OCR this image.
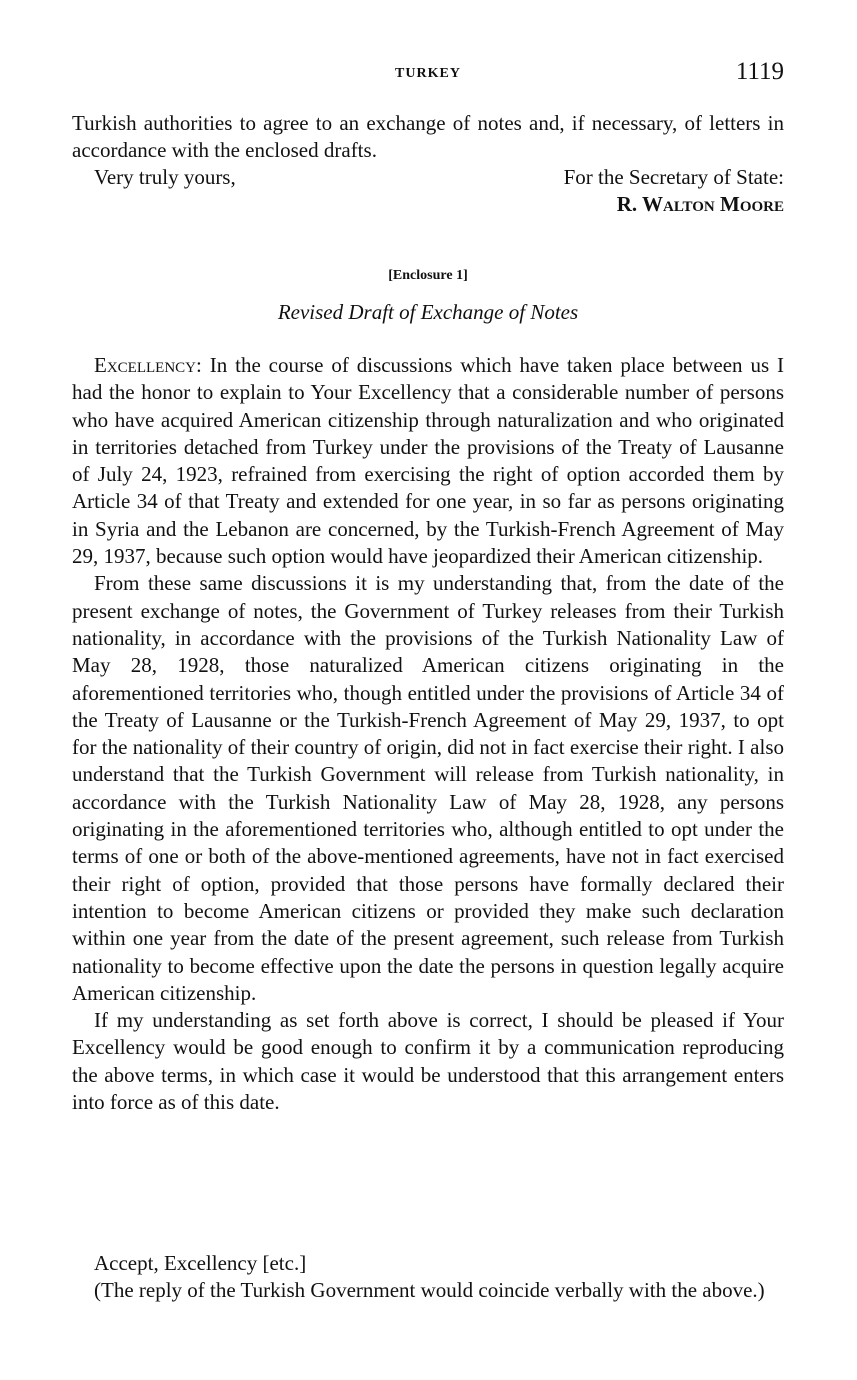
TURKEY	1119

Turkish authorities to agree to an exchange of notes and, if necessary, of letters in accordance with the enclosed drafts.

Very truly yours,	For the Secretary of State:
R. Walton Moore
[Enclosure 1]
Revised Draft of Exchange of Notes

Excellency: In the course of discussions which have taken place between us I had the honor to explain to Your Excellency that a considerable number of persons who have acquired American citizenship through naturalization and who originated in territories detached from Turkey under the provisions of the Treaty of Lausanne of July 24, 1923, refrained from exercising the right of option accorded them by Article 34 of that Treaty and extended for one year, in so far as persons originating in Syria and the Lebanon are concerned, by the Turkish-French Agreement of May 29, 1937, because such option would have jeopardized their American citizenship.

From these same discussions it is my understanding that, from the date of the present exchange of notes, the Government of Turkey releases from their Turkish nationality, in accordance with the provisions of the Turkish Nationality Law of May 28, 1928, those naturalized American citizens originating in the aforementioned territories who, though entitled under the provisions of Article 34 of the Treaty of Lausanne or the Turkish-French Agreement of May 29, 1937, to opt for the nationality of their country of origin, did not in fact exercise their right. I also understand that the Turkish Government will release from Turkish nationality, in accordance with the Turkish Nationality Law of May 28, 1928, any persons originating in the aforementioned territories who, although entitled to opt under the terms of one or both of the above-mentioned agreements, have not in fact exercised their right of option, provided that those persons have formally declared their intention to become American citizens or provided they make such declaration within one year from the date of the present agreement, such release from Turkish nationality to become effective upon the date the persons in question legally acquire American citizenship.

If my understanding as set forth above is correct, I should be pleased if Your Excellency would be good enough to confirm it by a communication reproducing the above terms, in which case it would be understood that this arrangement enters into force as of this date.

Accept, Excellency [etc.]

(The reply of the Turkish Government would coincide verbally with the above.)
